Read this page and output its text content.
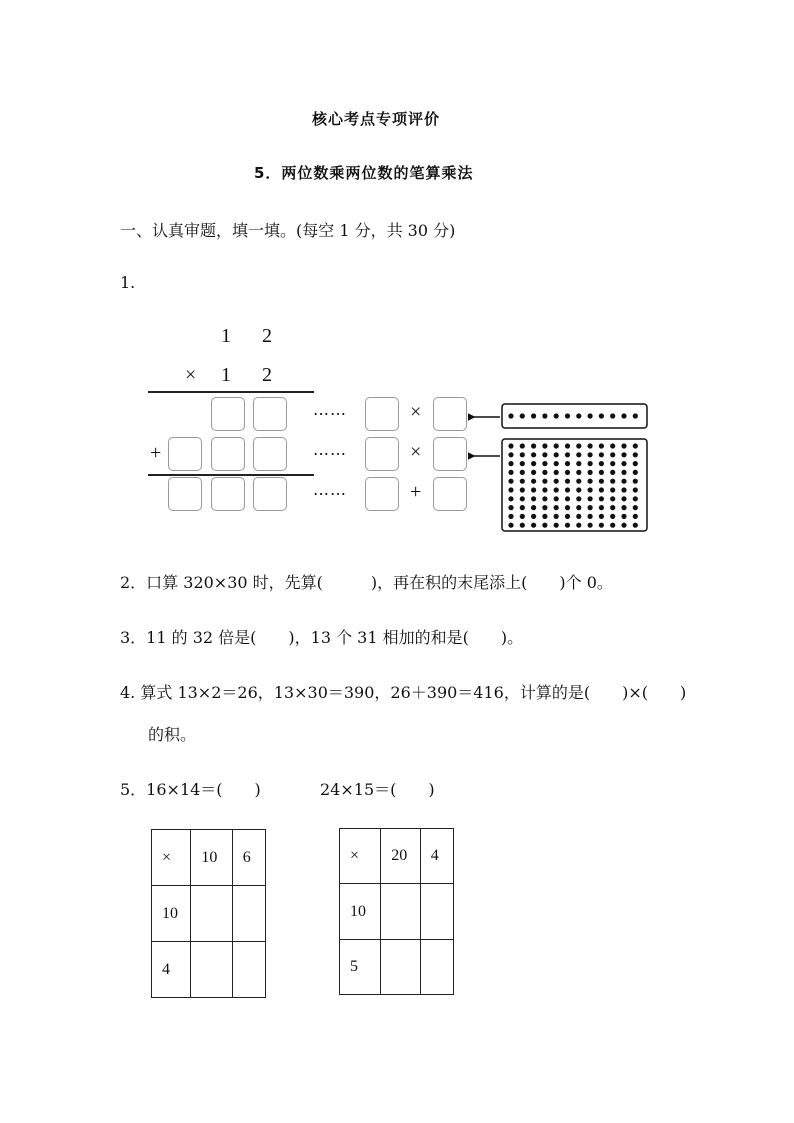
核心考点专项评价
5．两位数乘两位数的笔算乘法
一、认真审题，填一填。(每空 1 分，共 30 分)
1.
1 2
× 1 2
……	×
+	……	×
……	+
2．口算 320×30 时，先算(　　　)，再在积的末尾添上(　　)个 0。
3．11 的 32 倍是(　　)，13 个 31 相加的和是(　　)。
4. 算式 13×2＝26，13×30＝390，26＋390＝416，计算的是(　　)×(　　)
的积。
5．16×14＝(　　)	24×15＝(　　)
×	10	6
10		
4		
×	20	4
10		
5		
